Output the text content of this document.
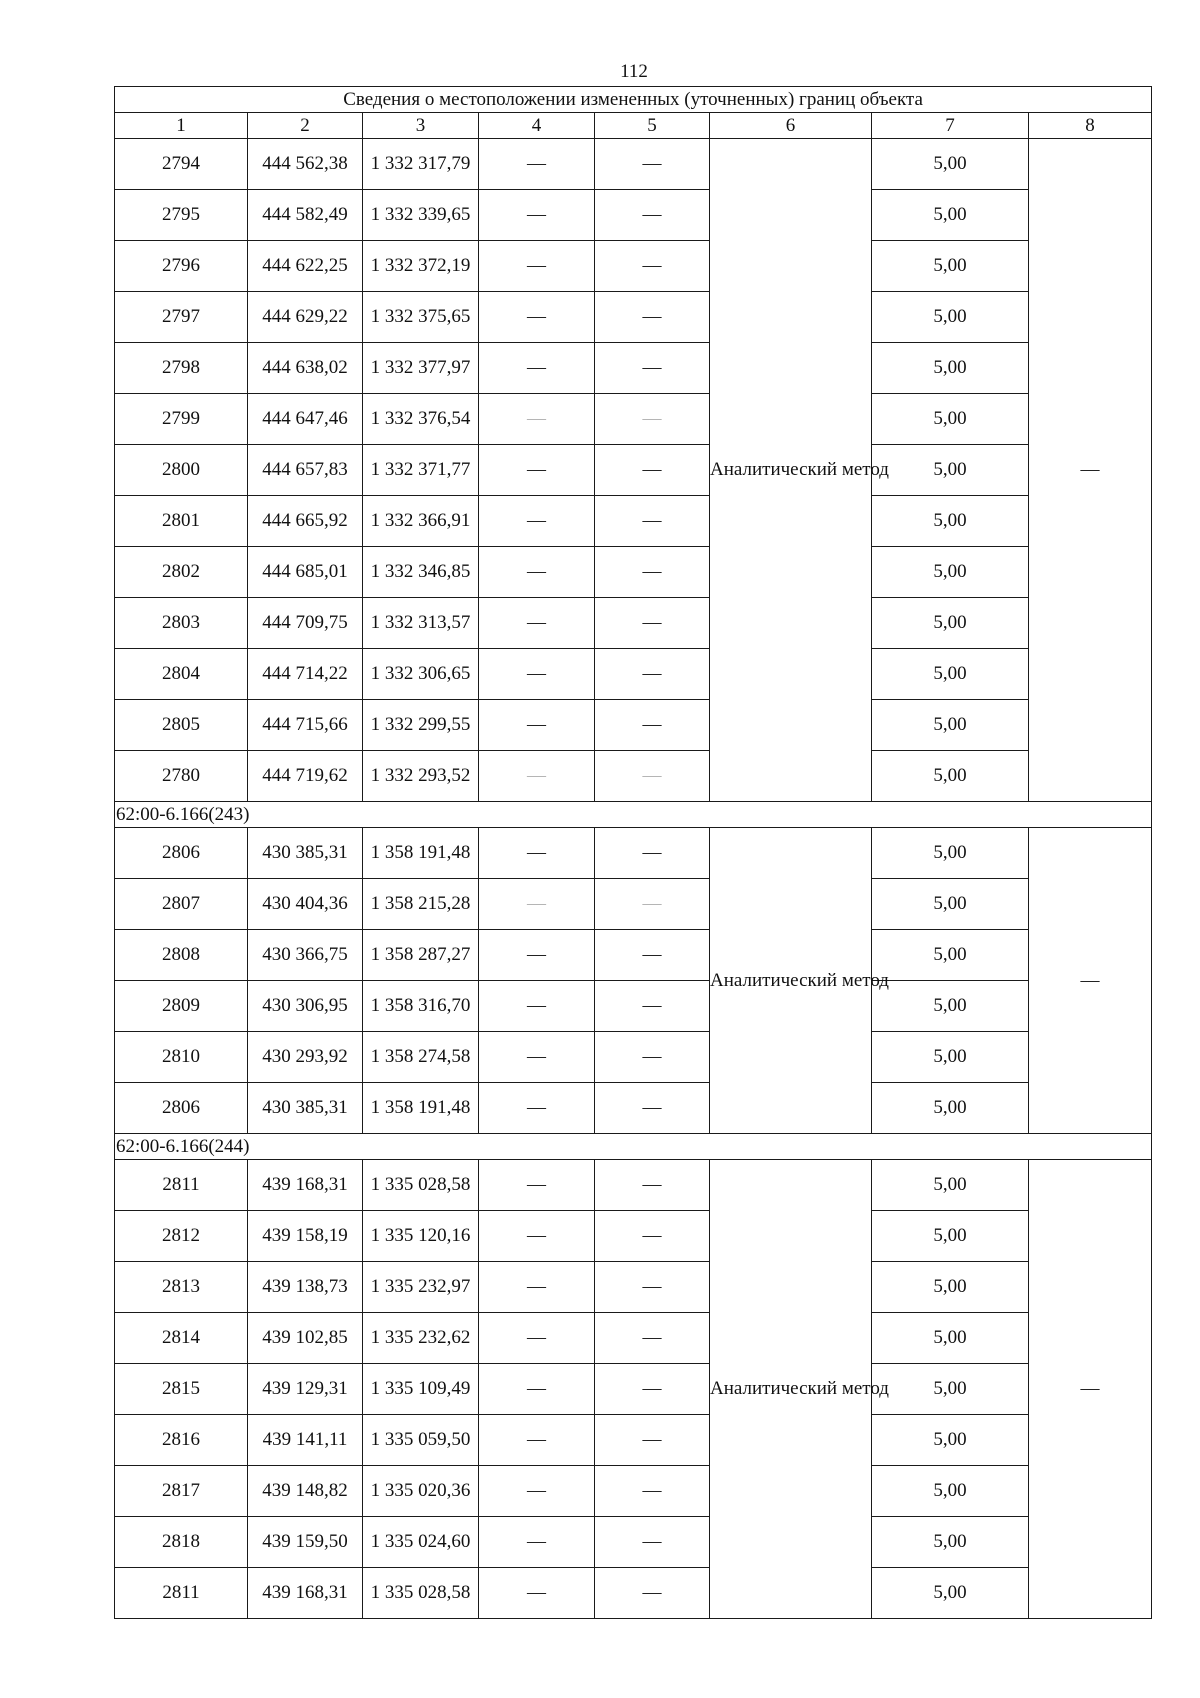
112
Сведения о местоположении измененных (уточненных) границ объекта							
1	2	3	4	5	6	7	8
2794	444 562,38	1 332 317,79	—	—	Аналитический метод	5,00	—
2795	444 582,49	1 332 339,65	—	—		5,00	
2796	444 622,25	1 332 372,19	—	—		5,00	
2797	444 629,22	1 332 375,65	—	—		5,00	
2798	444 638,02	1 332 377,97	—	—		5,00	
2799	444 647,46	1 332 376,54	—	—		5,00	
2800	444 657,83	1 332 371,77	—	—		5,00	
2801	444 665,92	1 332 366,91	—	—		5,00	
2802	444 685,01	1 332 346,85	—	—		5,00	
2803	444 709,75	1 332 313,57	—	—		5,00	
2804	444 714,22	1 332 306,65	—	—		5,00	
2805	444 715,66	1 332 299,55	—	—		5,00	
2780	444 719,62	1 332 293,52	—	—		5,00	
62:00-6.166(243)							
2806	430 385,31	1 358 191,48	—	—	Аналитический метод	5,00	—
2807	430 404,36	1 358 215,28	—	—		5,00	
2808	430 366,75	1 358 287,27	—	—		5,00	
2809	430 306,95	1 358 316,70	—	—		5,00	
2810	430 293,92	1 358 274,58	—	—		5,00	
2806	430 385,31	1 358 191,48	—	—		5,00	
62:00-6.166(244)							
2811	439 168,31	1 335 028,58	—	—	Аналитический метод	5,00	—
2812	439 158,19	1 335 120,16	—	—		5,00	
2813	439 138,73	1 335 232,97	—	—		5,00	
2814	439 102,85	1 335 232,62	—	—		5,00	
2815	439 129,31	1 335 109,49	—	—		5,00	
2816	439 141,11	1 335 059,50	—	—		5,00	
2817	439 148,82	1 335 020,36	—	—		5,00	
2818	439 159,50	1 335 024,60	—	—		5,00	
2811	439 168,31	1 335 028,58	—	—		5,00	
